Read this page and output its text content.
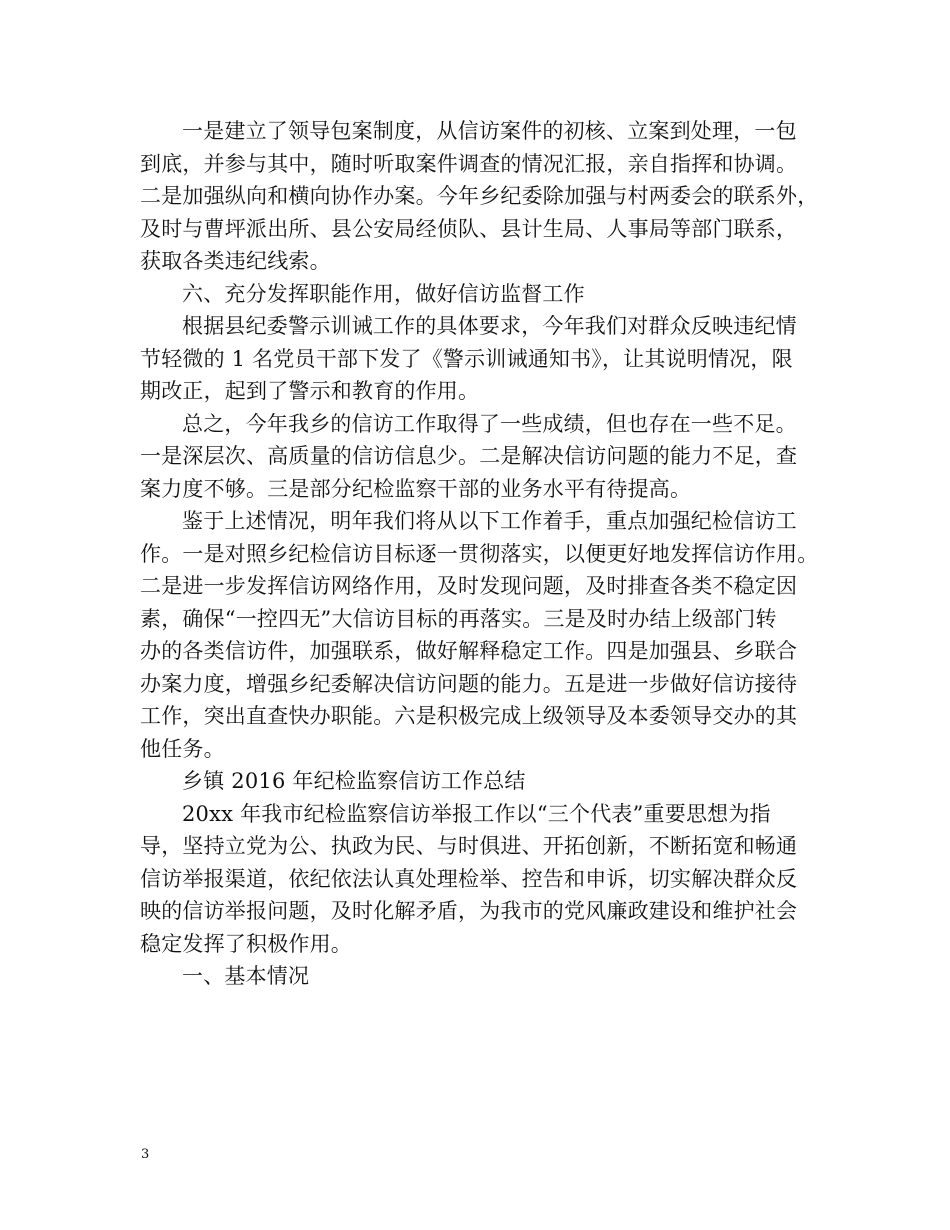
一是建立了领导包案制度，从信访案件的初核、立案到处理，一包
到底，并参与其中，随时听取案件调查的情况汇报，亲自指挥和协调。
二是加强纵向和横向协作办案。今年乡纪委除加强与村两委会的联系外，
及时与曹坪派出所、县公安局经侦队、县计生局、人事局等部门联系，
获取各类违纪线索。
六、充分发挥职能作用，做好信访监督工作
根据县纪委警示训诫工作的具体要求，今年我们对群众反映违纪情
节轻微的 1 名党员干部下发了《警示训诫通知书》，让其说明情况，限
期改正，起到了警示和教育的作用。
总之，今年我乡的信访工作取得了一些成绩，但也存在一些不足。
一是深层次、高质量的信访信息少。二是解决信访问题的能力不足，查
案力度不够。三是部分纪检监察干部的业务水平有待提高。
鉴于上述情况，明年我们将从以下工作着手，重点加强纪检信访工
作。一是对照乡纪检信访目标逐一贯彻落实，以便更好地发挥信访作用。
二是进一步发挥信访网络作用，及时发现问题，及时排查各类不稳定因
素，确保“一控四无”大信访目标的再落实。三是及时办结上级部门转
办的各类信访件，加强联系，做好解释稳定工作。四是加强县、乡联合
办案力度，增强乡纪委解决信访问题的能力。五是进一步做好信访接待
工作，突出直查快办职能。六是积极完成上级领导及本委领导交办的其
他任务。
乡镇 2016 年纪检监察信访工作总结
20xx 年我市纪检监察信访举报工作以“三个代表”重要思想为指
导，坚持立党为公、执政为民、与时俱进、开拓创新，不断拓宽和畅通
信访举报渠道，依纪依法认真处理检举、控告和申诉，切实解决群众反
映的信访举报问题，及时化解矛盾，为我市的党风廉政建设和维护社会
稳定发挥了积极作用。
一、基本情况
3
